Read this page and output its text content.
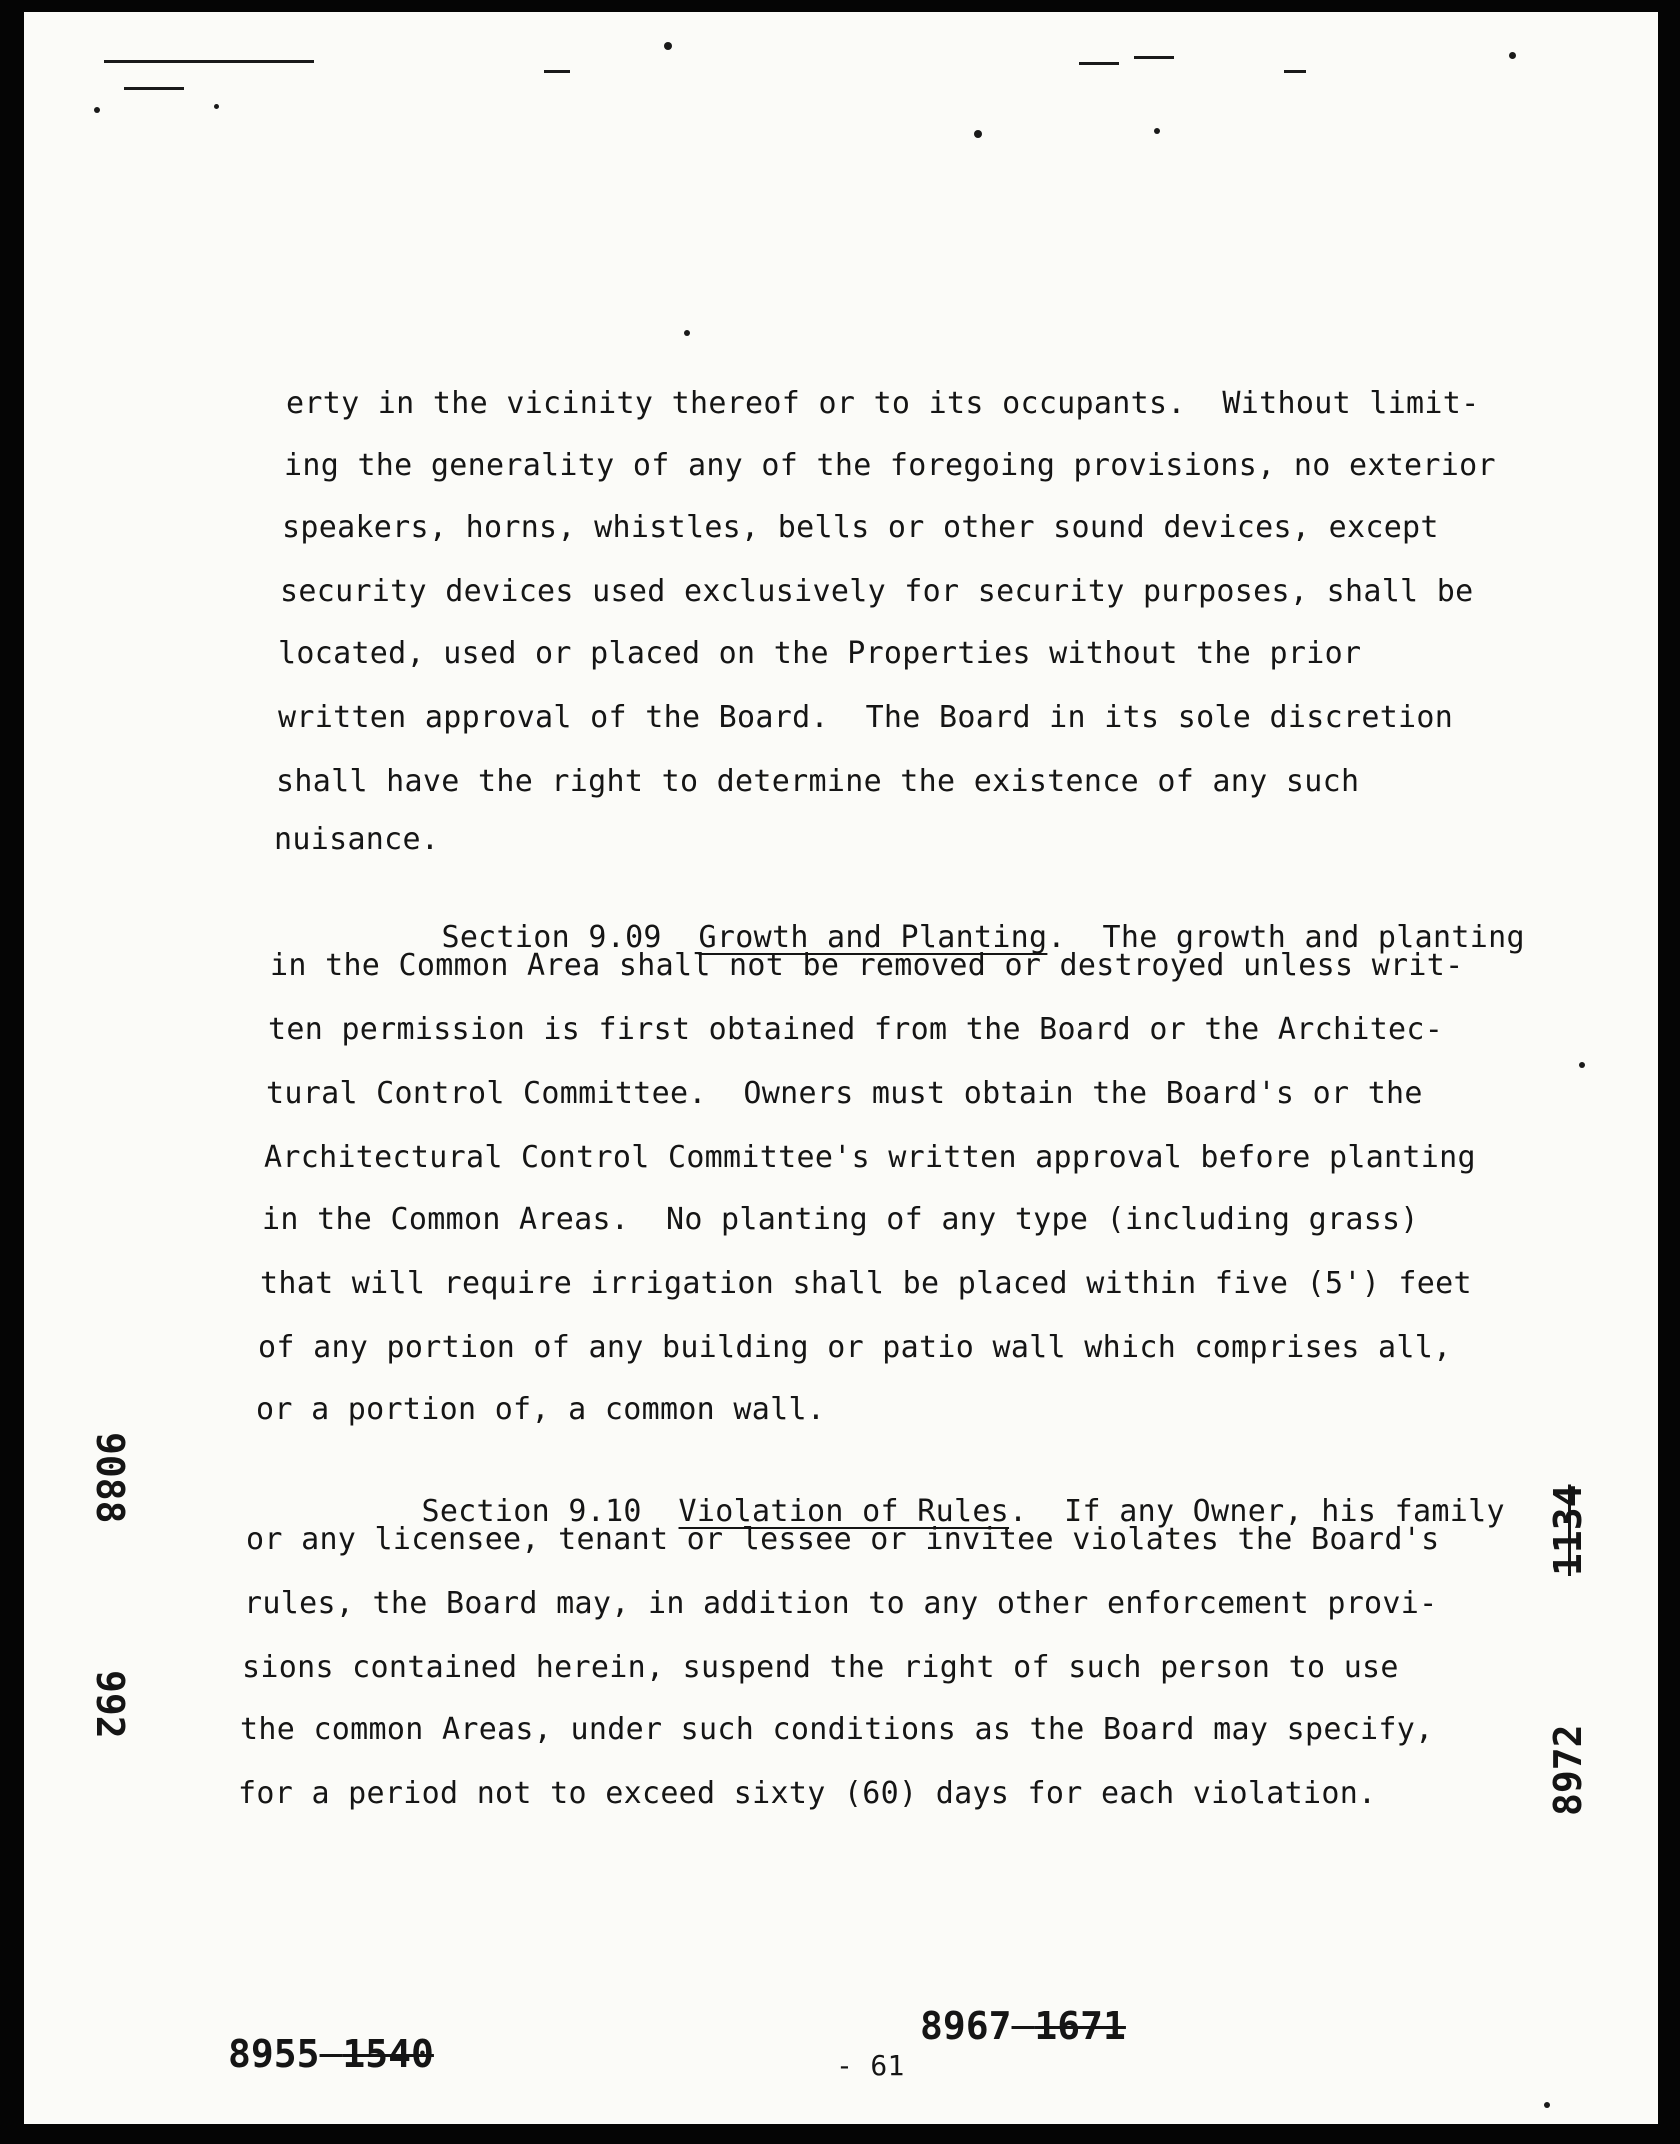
erty in the vicinity thereof or to its occupants.  Without limit-
ing the generality of any of the foregoing provisions, no exterior
speakers, horns, whistles, bells or other sound devices, except
security devices used exclusively for security purposes, shall be
located, used or placed on the Properties without the prior
written approval of the Board.  The Board in its sole discretion
shall have the right to determine the existence of any such
nuisance.

Section 9.09 Growth and Planting.  The growth and planting

in the Common Area shall not be removed or destroyed unless writ-
ten permission is first obtained from the Board or the Architec-
tural Control Committee.  Owners must obtain the Board's or the
Architectural Control Committee's written approval before planting
in the Common Areas.  No planting of any type (including grass)
that will require irrigation shall be placed within five (5') feet
of any portion of any building or patio wall which comprises all,
or a portion of, a common wall.

Section 9.10 Violation of Rules.  If any Owner, his family

or any licensee, tenant or lessee or invitee violates the Board's
rules, the Board may, in addition to any other enforcement provi-
sions contained herein, suspend the right of such person to use
the common Areas, under such conditions as the Board may specify,
for a period not to exceed sixty (60) days for each violation.
9088
992
1134
8972
8955 1540	- 61
8967 1671
